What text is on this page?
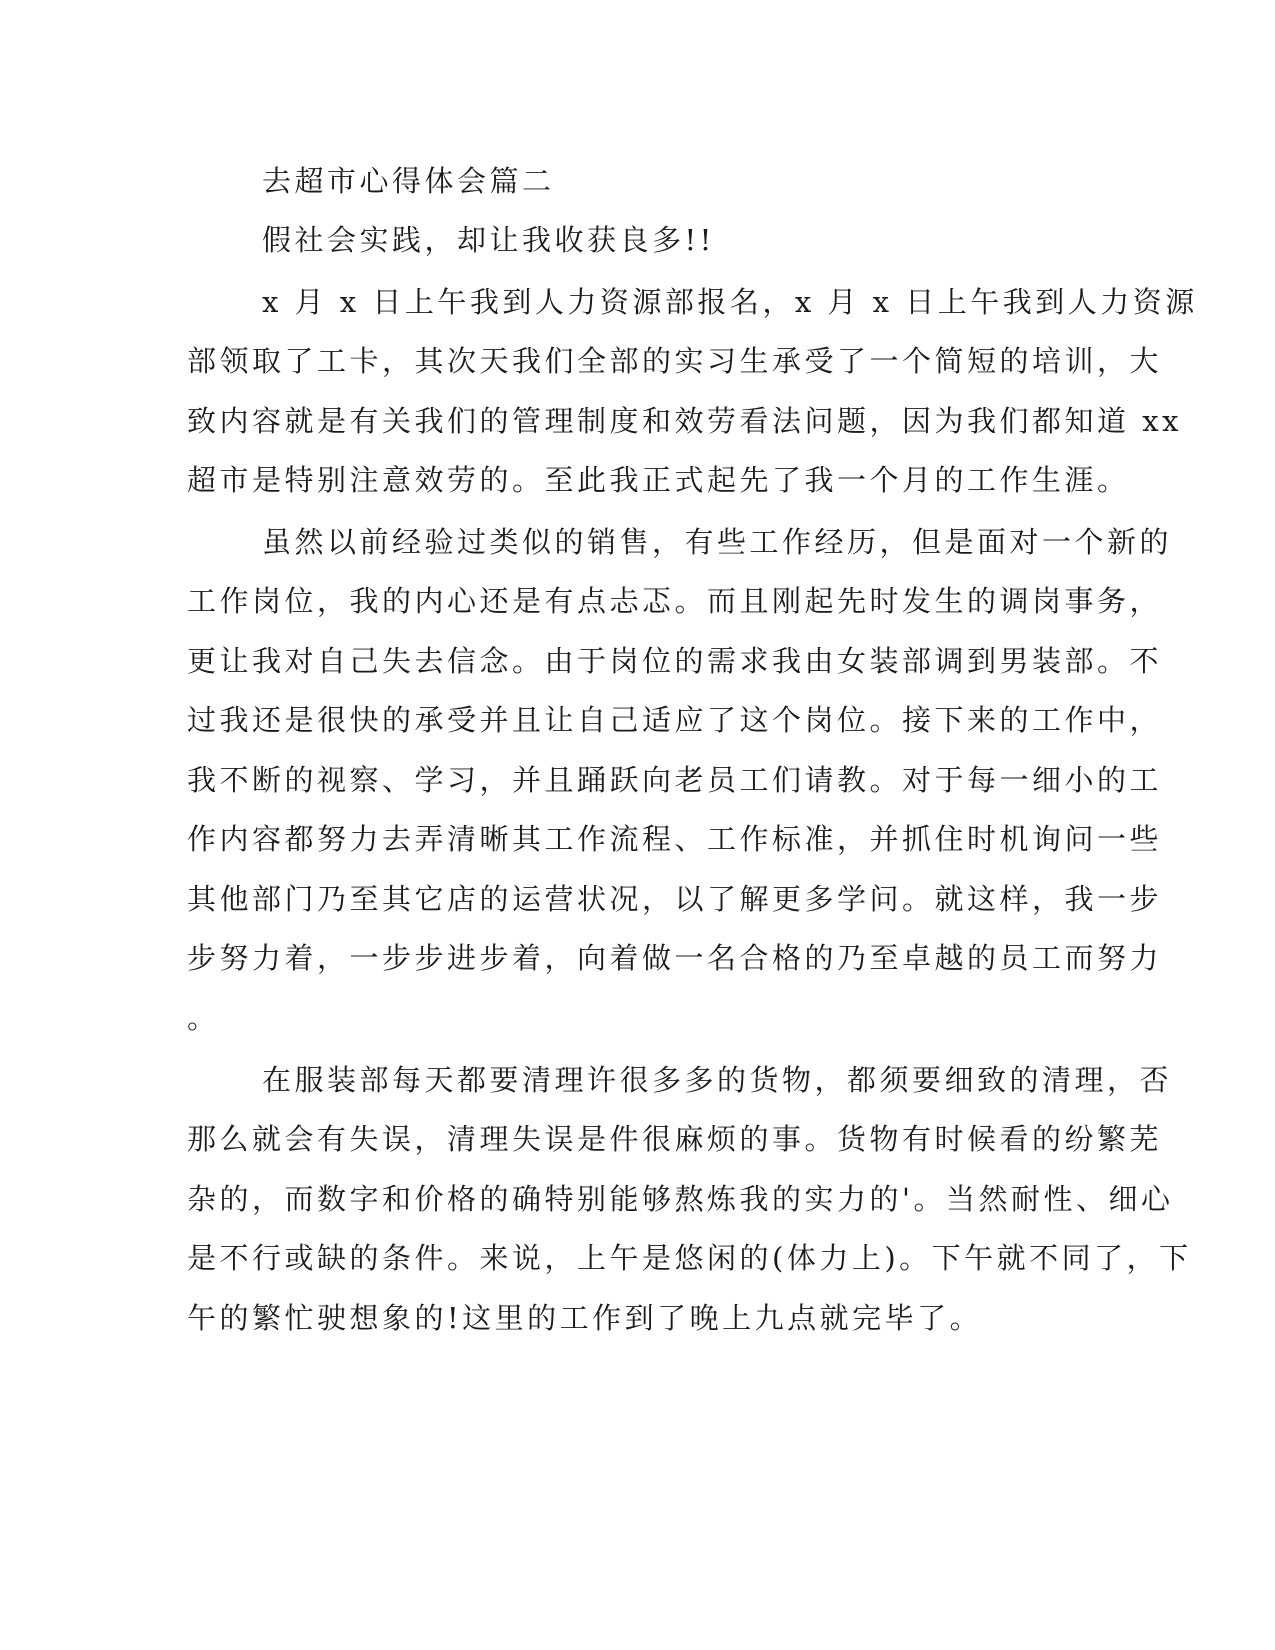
去超市心得体会篇二

假社会实践，却让我收获良多!!

x 月 x 日上午我到人力资源部报名，x 月 x 日上午我到人力资源

部领取了工卡，其次天我们全部的实习生承受了一个简短的培训，大

致内容就是有关我们的管理制度和效劳看法问题，因为我们都知道 xx

超市是特别注意效劳的。至此我正式起先了我一个月的工作生涯。

虽然以前经验过类似的销售，有些工作经历，但是面对一个新的

工作岗位，我的内心还是有点忐忑。而且刚起先时发生的调岗事务，

更让我对自己失去信念。由于岗位的需求我由女装部调到男装部。不

过我还是很快的承受并且让自己适应了这个岗位。接下来的工作中，

我不断的视察、学习，并且踊跃向老员工们请教。对于每一细小的工

作内容都努力去弄清晰其工作流程、工作标准，并抓住时机询问一些

其他部门乃至其它店的运营状况，以了解更多学问。就这样，我一步

步努力着，一步步进步着，向着做一名合格的乃至卓越的员工而努力

。

在服装部每天都要清理许很多多的货物，都须要细致的清理，否

那么就会有失误，清理失误是件很麻烦的事。货物有时候看的纷繁芜

杂的，而数字和价格的确特别能够熬炼我的实力的'。当然耐性、细心

是不行或缺的条件。来说，上午是悠闲的(体力上)。下午就不同了，下

午的繁忙驶想象的!这里的工作到了晚上九点就完毕了。
